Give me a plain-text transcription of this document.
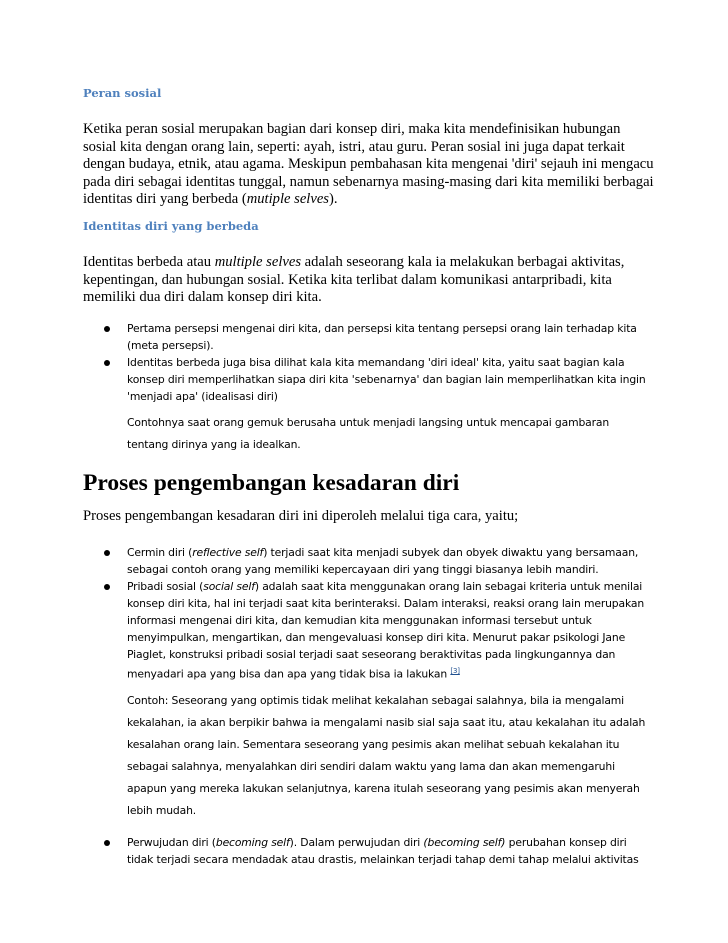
Peran sosial
Ketika peran sosial merupakan bagian dari konsep diri, maka kita mendefinisikan hubungan sosial kita dengan orang lain, seperti: ayah, istri, atau guru. Peran sosial ini juga dapat terkait dengan budaya, etnik, atau agama. Meskipun pembahasan kita mengenai 'diri' sejauh ini mengacu pada diri sebagai identitas tunggal, namun sebenarnya masing-masing dari kita memiliki berbagai identitas diri yang berbeda (mutiple selves).
Identitas diri yang berbeda
Identitas berbeda atau multiple selves adalah seseorang kala ia melakukan berbagai aktivitas, kepentingan, dan hubungan sosial. Ketika kita terlibat dalam komunikasi antarpribadi, kita memiliki dua diri dalam konsep diri kita.
Pertama persepsi mengenai diri kita, dan persepsi kita tentang persepsi orang lain terhadap kita (meta persepsi).
Identitas berbeda juga bisa dilihat kala kita memandang 'diri ideal' kita, yaitu saat bagian kala konsep diri memperlihatkan siapa diri kita 'sebenarnya' dan bagian lain memperlihatkan kita ingin 'menjadi apa' (idealisasi diri)
Contohnya saat orang gemuk berusaha untuk menjadi langsing untuk mencapai gambaran tentang dirinya yang ia idealkan.
Proses pengembangan kesadaran diri
Proses pengembangan kesadaran diri ini diperoleh melalui tiga cara, yaitu;
Cermin diri (reflective self) terjadi saat kita menjadi subyek dan obyek diwaktu yang bersamaan, sebagai contoh orang yang memiliki kepercayaan diri yang tinggi biasanya lebih mandiri.
Pribadi sosial (social self) adalah saat kita menggunakan orang lain sebagai kriteria untuk menilai konsep diri kita, hal ini terjadi saat kita berinteraksi. Dalam interaksi, reaksi orang lain merupakan informasi mengenai diri kita, dan kemudian kita menggunakan informasi tersebut untuk menyimpulkan, mengartikan, dan mengevaluasi konsep diri kita. Menurut pakar psikologi Jane Piaglet, konstruksi pribadi sosial terjadi saat seseorang beraktivitas pada lingkungannya dan menyadari apa yang bisa dan apa yang tidak bisa ia lakukan [3]
Contoh: Seseorang yang optimis tidak melihat kekalahan sebagai salahnya, bila ia mengalami kekalahan, ia akan berpikir bahwa ia mengalami nasib sial saja saat itu, atau kekalahan itu adalah kesalahan orang lain. Sementara seseorang yang pesimis akan melihat sebuah kekalahan itu sebagai salahnya, menyalahkan diri sendiri dalam waktu yang lama dan akan memengaruhi apapun yang mereka lakukan selanjutnya, karena itulah seseorang yang pesimis akan menyerah lebih mudah.
Perwujudan diri (becoming self). Dalam perwujudan diri (becoming self) perubahan konsep diri tidak terjadi secara mendadak atau drastis, melainkan terjadi tahap demi tahap melalui aktivitas
